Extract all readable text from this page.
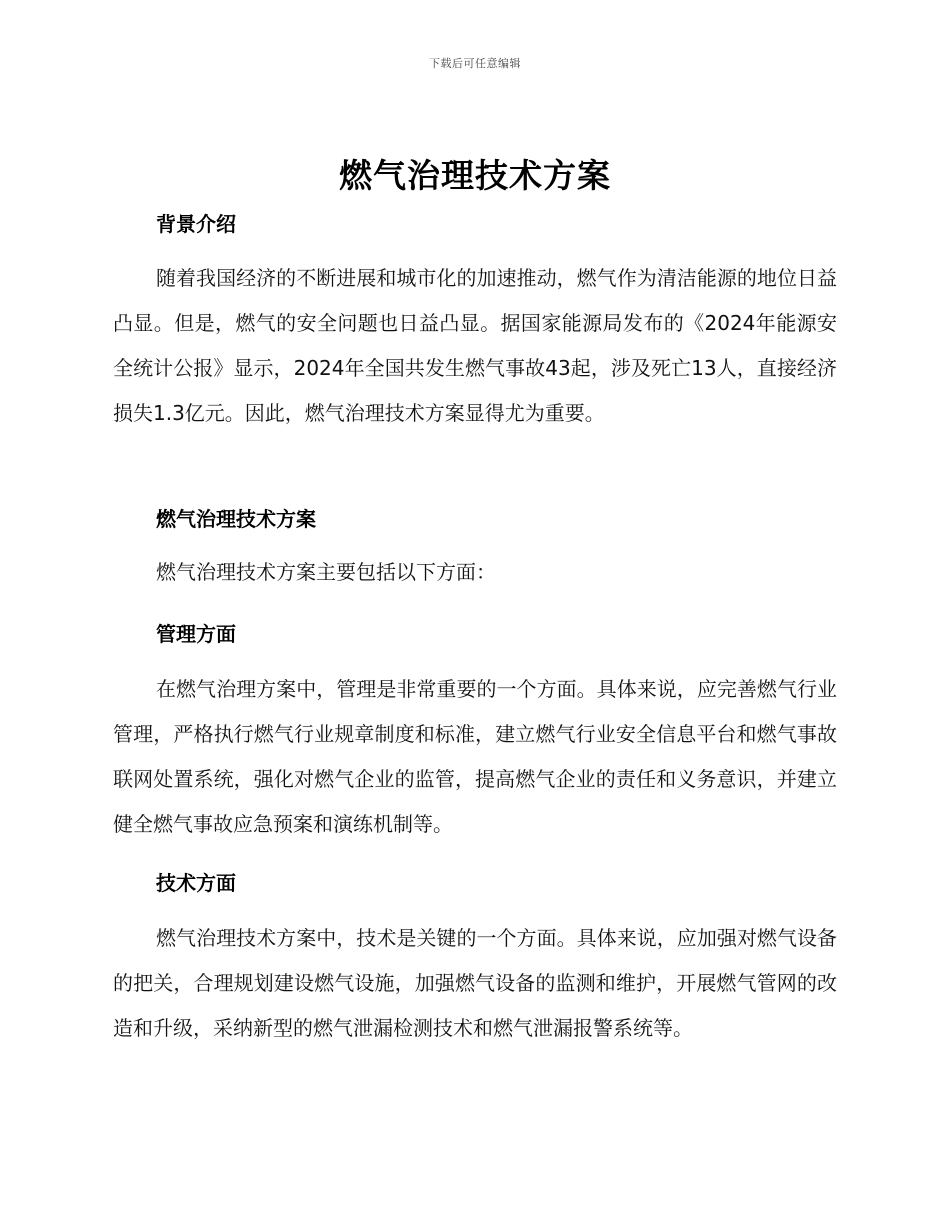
下载后可任意编辑
燃气治理技术方案
背景介绍

随着我国经济的不断进展和城市化的加速推动，燃气作为清洁能源的地位日益凸显。但是，燃气的安全问题也日益凸显。据国家能源局发布的《2024年能源安全统计公报》显示，2024年全国共发生燃气事故43起，涉及死亡13人，直接经济损失1.3亿元。因此，燃气治理技术方案显得尤为重要。

燃气治理技术方案

燃气治理技术方案主要包括以下方面：

管理方面

在燃气治理方案中，管理是非常重要的一个方面。具体来说，应完善燃气行业管理，严格执行燃气行业规章制度和标准，建立燃气行业安全信息平台和燃气事故联网处置系统，强化对燃气企业的监管，提高燃气企业的责任和义务意识，并建立健全燃气事故应急预案和演练机制等。

技术方面

燃气治理技术方案中，技术是关键的一个方面。具体来说，应加强对燃气设备的把关，合理规划建设燃气设施，加强燃气设备的监测和维护，开展燃气管网的改造和升级，采纳新型的燃气泄漏检测技术和燃气泄漏报警系统等。
